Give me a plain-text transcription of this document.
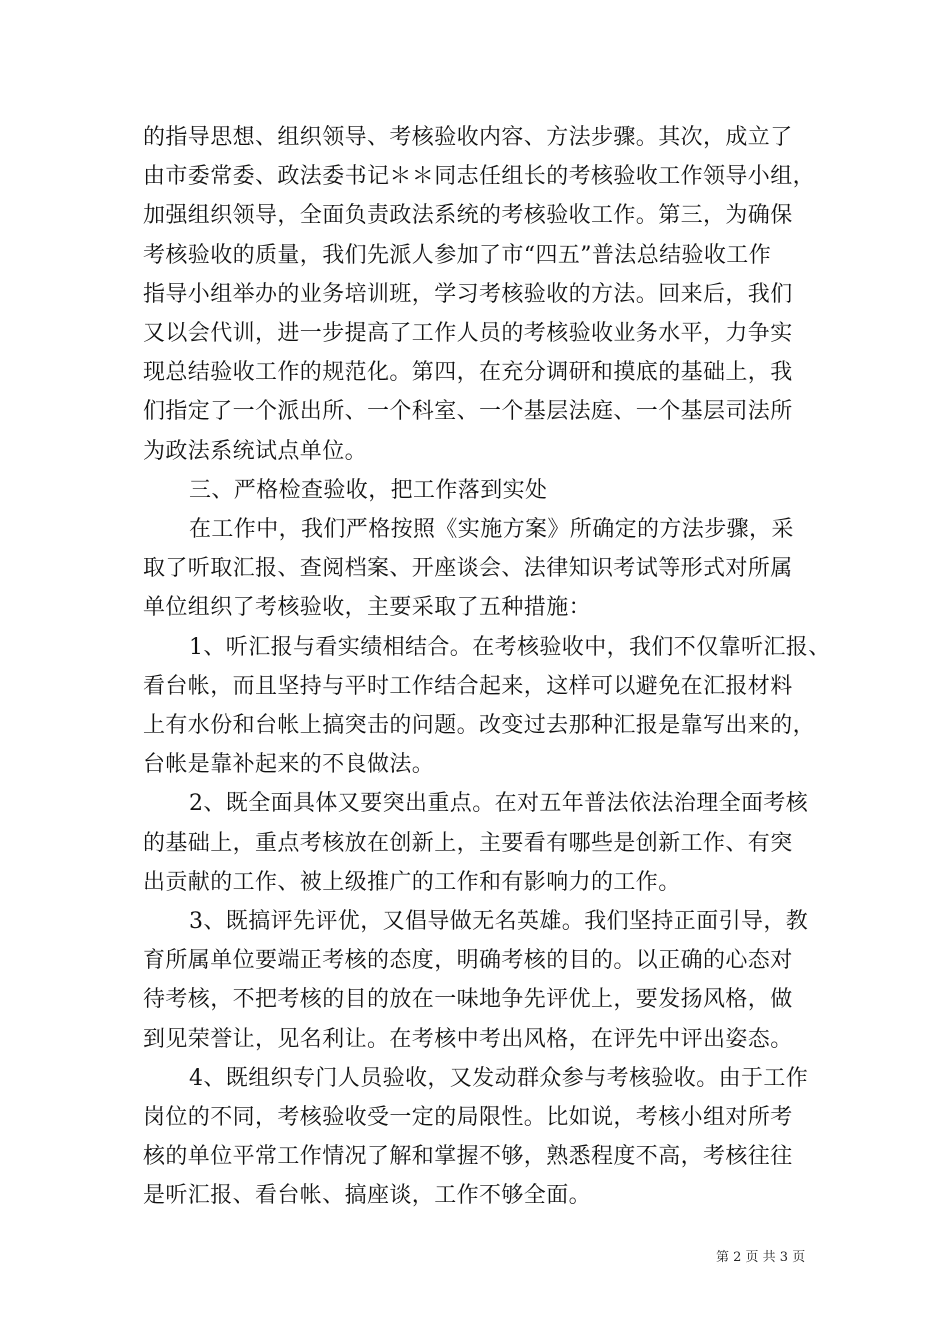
的指导思想、组织领导、考核验收内容、方法步骤。其次，成立了

由市委常委、政法委书记＊＊同志任组长的考核验收工作领导小组，

加强组织领导，全面负责政法系统的考核验收工作。第三，为确保

考核验收的质量，我们先派人参加了市“四五”普法总结验收工作

指导小组举办的业务培训班，学习考核验收的方法。回来后，我们

又以会代训，进一步提高了工作人员的考核验收业务水平，力争实

现总结验收工作的规范化。第四，在充分调研和摸底的基础上，我

们指定了一个派出所、一个科室、一个基层法庭、一个基层司法所

为政法系统试点单位。

三、严格检查验收，把工作落到实处

在工作中，我们严格按照《实施方案》所确定的方法步骤，采

取了听取汇报、查阅档案、开座谈会、法律知识考试等形式对所属

单位组织了考核验收，主要采取了五种措施：

1、听汇报与看实绩相结合。在考核验收中，我们不仅靠听汇报、

看台帐，而且坚持与平时工作结合起来，这样可以避免在汇报材料

上有水份和台帐上搞突击的问题。改变过去那种汇报是靠写出来的，

台帐是靠补起来的不良做法。

2、既全面具体又要突出重点。在对五年普法依法治理全面考核

的基础上，重点考核放在创新上，主要看有哪些是创新工作、有突

出贡献的工作、被上级推广的工作和有影响力的工作。

3、既搞评先评优，又倡导做无名英雄。我们坚持正面引导，教

育所属单位要端正考核的态度，明确考核的目的。以正确的心态对

待考核，不把考核的目的放在一味地争先评优上，要发扬风格，做

到见荣誉让，见名利让。在考核中考出风格，在评先中评出姿态。

4、既组织专门人员验收，又发动群众参与考核验收。由于工作

岗位的不同，考核验收受一定的局限性。比如说，考核小组对所考

核的单位平常工作情况了解和掌握不够，熟悉程度不高，考核往往

是听汇报、看台帐、搞座谈，工作不够全面。

第 2 页 共 3 页
